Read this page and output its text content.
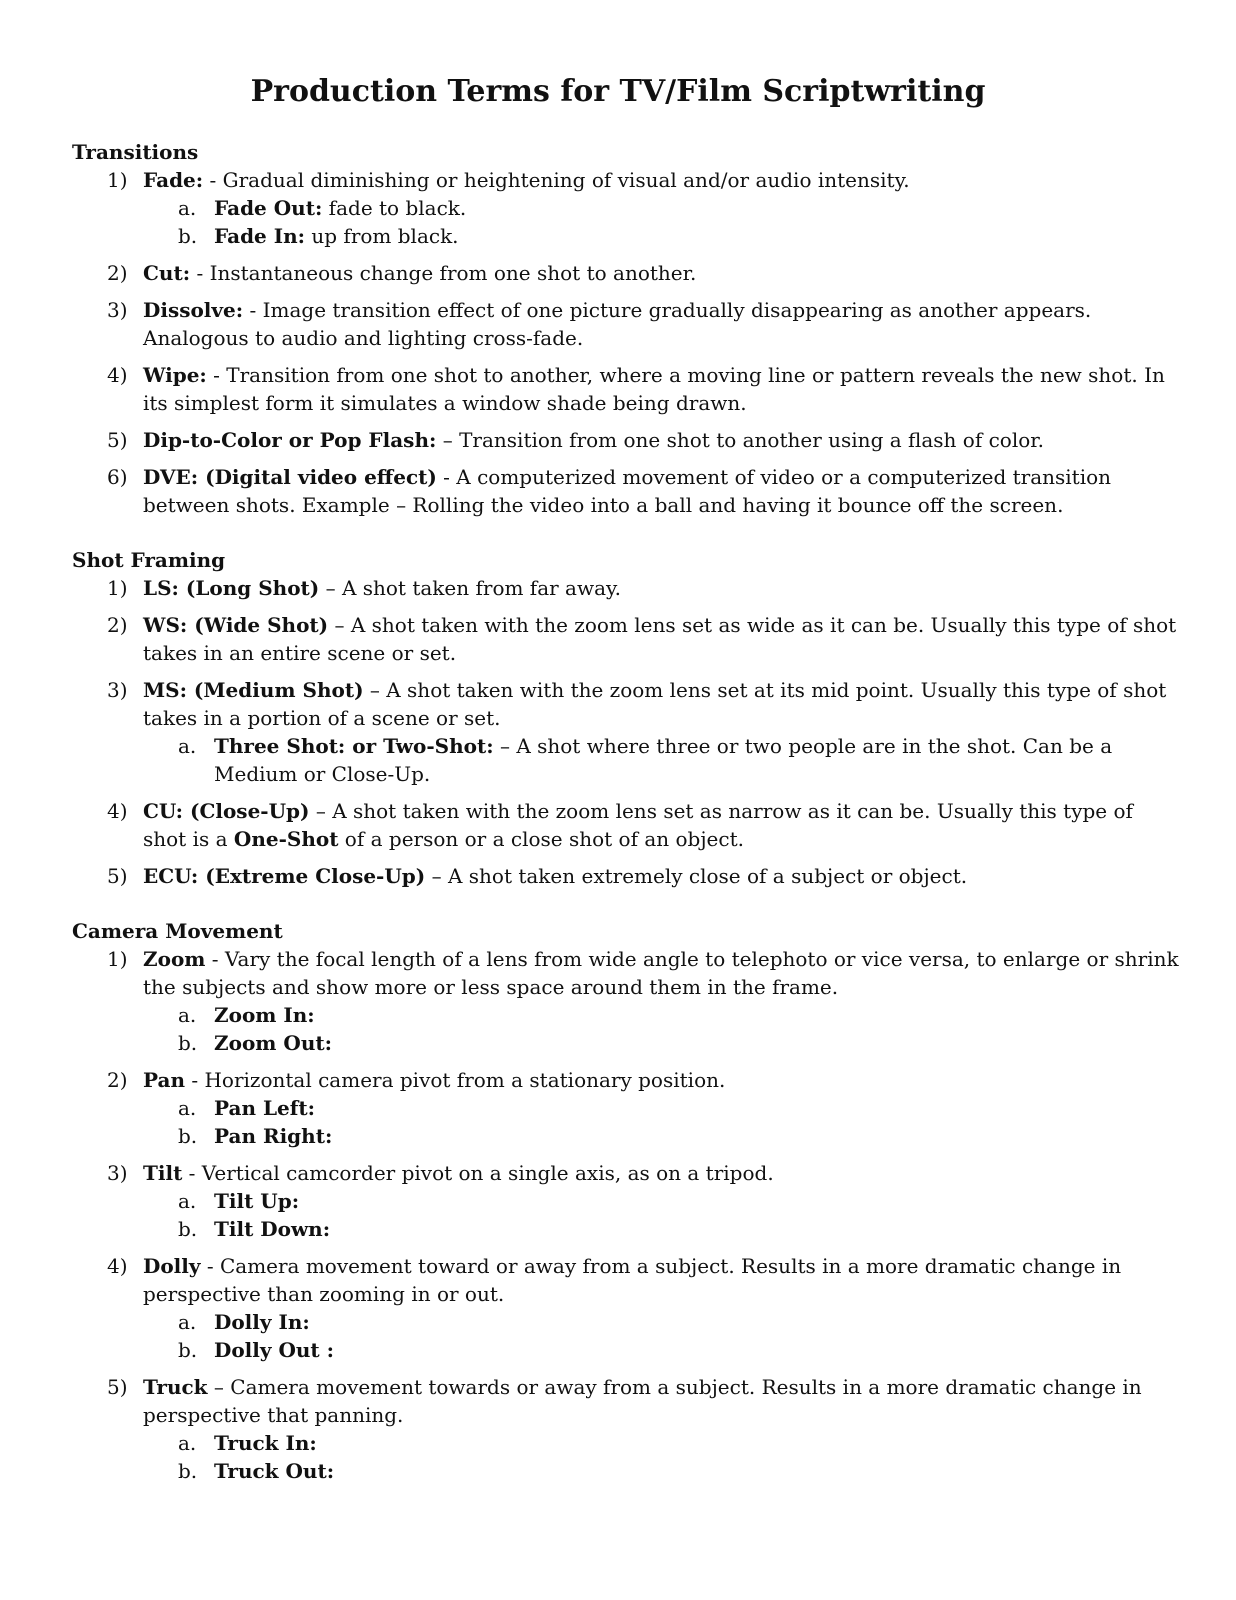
Production Terms for TV/Film Scriptwriting
Transitions
1) Fade: - Gradual diminishing or heightening of visual and/or audio intensity.
a. Fade Out: fade to black.
b. Fade In: up from black.
2) Cut: - Instantaneous change from one shot to another.
3) Dissolve: - Image transition effect of one picture gradually disappearing as another appears. Analogous to audio and lighting cross-fade.
4) Wipe: - Transition from one shot to another, where a moving line or pattern reveals the new shot. In its simplest form it simulates a window shade being drawn.
5) Dip-to-Color or Pop Flash: – Transition from one shot to another using a flash of color.
6) DVE: (Digital video effect) - A computerized movement of video or a computerized transition between shots. Example – Rolling the video into a ball and having it bounce off the screen.
Shot Framing
1) LS: (Long Shot) – A shot taken from far away.
2) WS: (Wide Shot) – A shot taken with the zoom lens set as wide as it can be. Usually this type of shot takes in an entire scene or set.
3) MS: (Medium Shot) – A shot taken with the zoom lens set at its mid point. Usually this type of shot takes in a portion of a scene or set.
a. Three Shot: or Two-Shot: – A shot where three or two people are in the shot. Can be a Medium or Close-Up.
4) CU: (Close-Up) – A shot taken with the zoom lens set as narrow as it can be. Usually this type of shot is a One-Shot of a person or a close shot of an object.
5) ECU: (Extreme Close-Up) – A shot taken extremely close of a subject or object.
Camera Movement
1) Zoom - Vary the focal length of a lens from wide angle to telephoto or vice versa, to enlarge or shrink the subjects and show more or less space around them in the frame.
a. Zoom In:
b. Zoom Out:
2) Pan - Horizontal camera pivot from a stationary position.
a. Pan Left:
b. Pan Right:
3) Tilt - Vertical camcorder pivot on a single axis, as on a tripod.
a. Tilt Up:
b. Tilt Down:
4) Dolly - Camera movement toward or away from a subject. Results in a more dramatic change in perspective than zooming in or out.
a. Dolly In:
b. Dolly Out :
5) Truck – Camera movement towards or away from a subject. Results in a more dramatic change in perspective that panning.
a. Truck In:
b. Truck Out:
